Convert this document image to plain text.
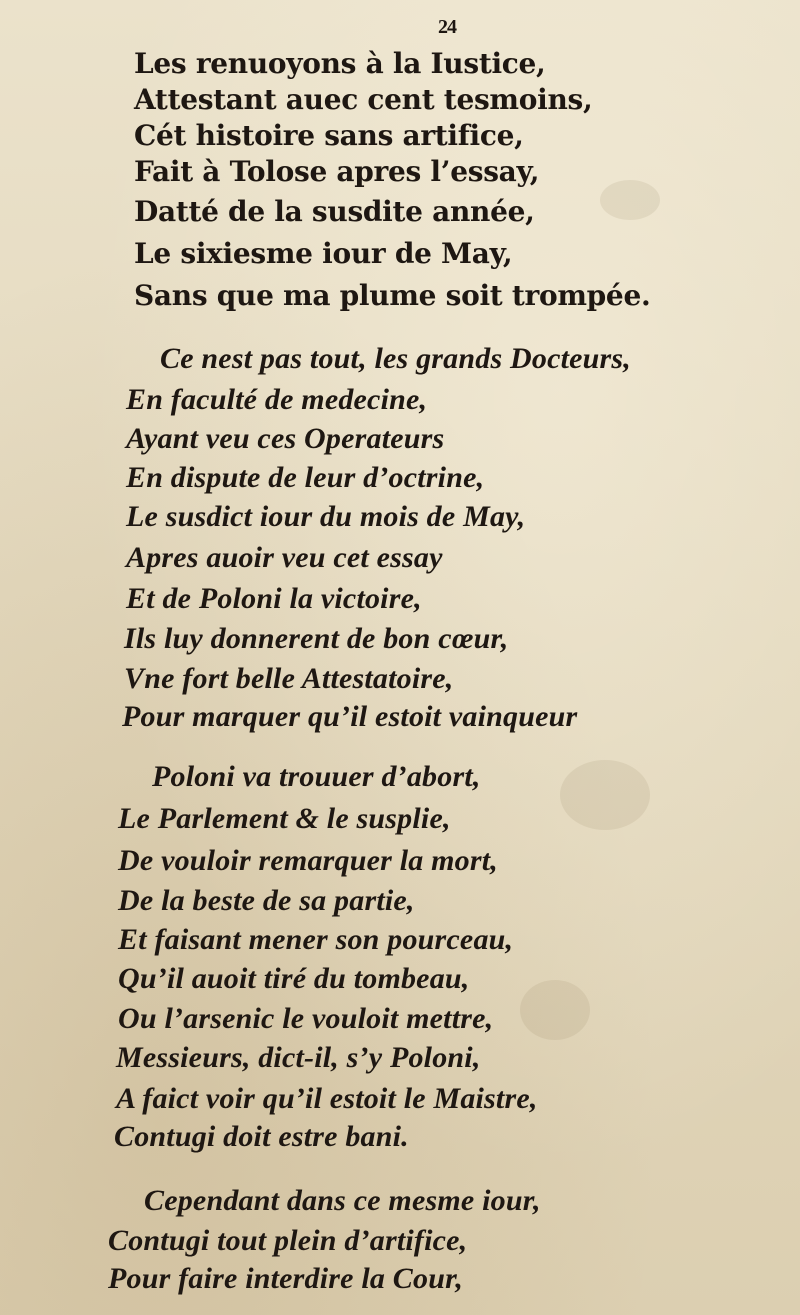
24
Les renuoyons à la Iustice,
Attestant auec cent tesmoins,
Cét histoire sans artifice,
Fait à Tolose apres l’essay,
Datté de la susdite année,
Le sixiesme iour de May,
Sans que ma plume soit trompée.
Ce nest pas tout, les grands Docteurs,
En faculté de medecine,
Ayant veu ces Operateurs
En dispute de leur d’octrine,
Le susdict iour du mois de May,
Apres auoir veu cet essay
Et de Poloni la victoire,
Ils luy donnerent de bon cœur,
Vne fort belle Attestatoire,
Pour marquer qu’il estoit vainqueur
Poloni va trouuer d’abort,
Le Parlement & le susplie,
De vouloir remarquer la mort,
De la beste de sa partie,
Et faisant mener son pourceau,
Qu’il auoit tiré du tombeau,
Ou l’arsenic le vouloit mettre,
Messieurs, dict-il, s’y Poloni,
A faict voir qu’il estoit le Maistre,
Contugi doit estre bani.
Cependant dans ce mesme iour,
Contugi tout plein d’artifice,
Pour faire interdire la Cour,
